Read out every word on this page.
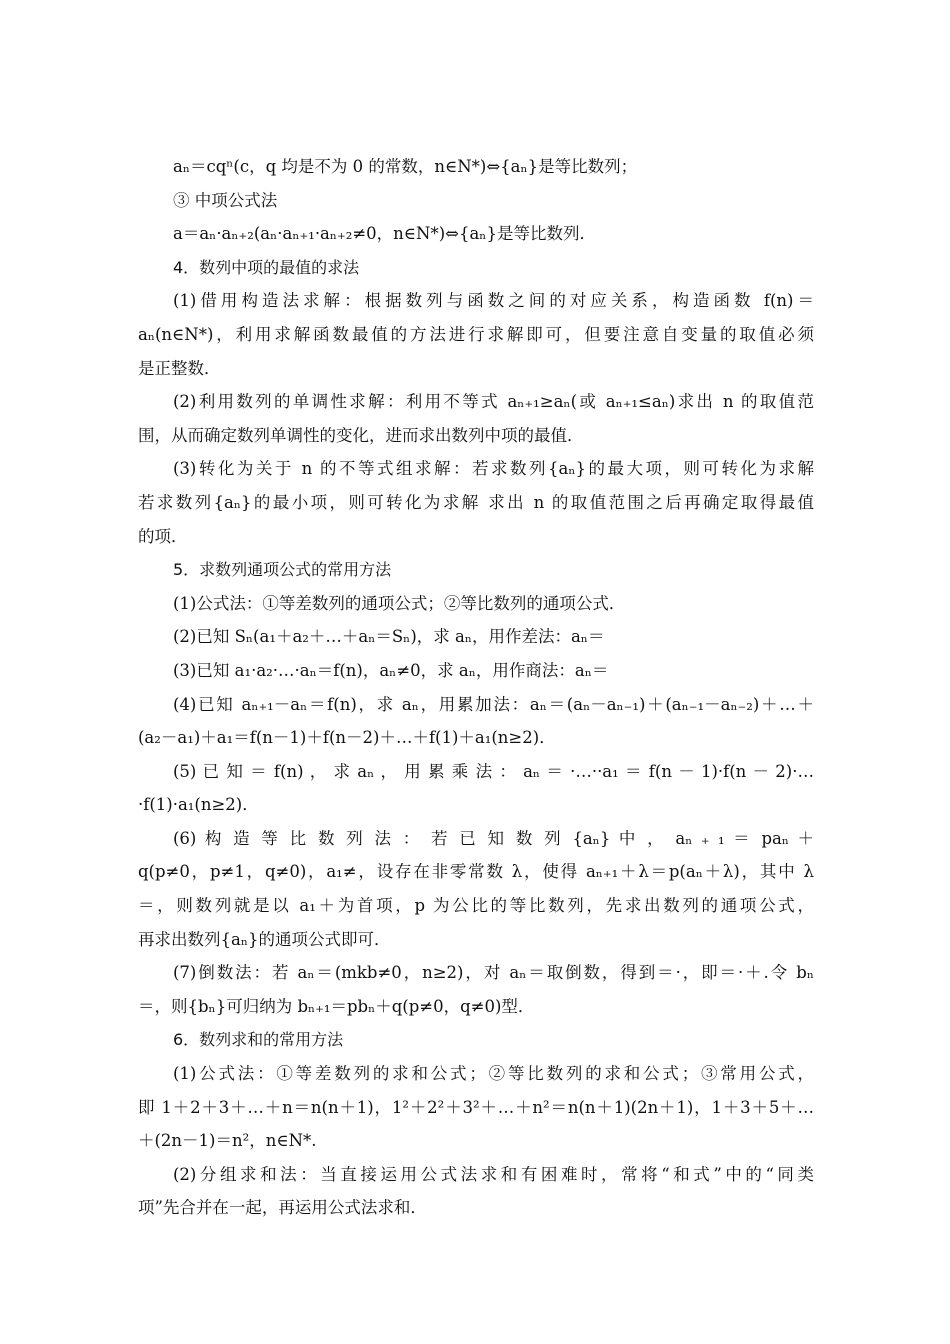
aₙ＝cqⁿ(c，q 均是不为 0 的常数，n∈N*)⇔{aₙ}是等比数列；
③ 中项公式法
a＝aₙ·aₙ₊₂(aₙ·aₙ₊₁·aₙ₊₂≠0，n∈N*)⇔{aₙ}是等比数列．
4．数列中项的最值的求法
(1)借用构造法求解：根据数列与函数之间的对应关系，构造函数 f(n)＝
aₙ(n∈N*)，利用求解函数最值的方法进行求解即可，但要注意自变量的取值必须
是正整数．
(2)利用数列的单调性求解：利用不等式 aₙ₊₁≥aₙ(或 aₙ₊₁≤aₙ)求出 n 的取值范
围，从而确定数列单调性的变化，进而求出数列中项的最值．
(3)转化为关于 n 的不等式组求解：若求数列{aₙ}的最大项，则可转化为求解
若求数列{aₙ}的最小项，则可转化为求解 求出 n 的取值范围之后再确定取得最值
的项．
5．求数列通项公式的常用方法
(1)公式法：①等差数列的通项公式；②等比数列的通项公式．
(2)已知 Sₙ(a₁＋a₂＋…＋aₙ＝Sₙ)，求 aₙ，用作差法：aₙ＝
(3)已知 a₁·a₂·…·aₙ＝f(n)，aₙ≠0，求 aₙ，用作商法：aₙ＝
(4)已知 aₙ₊₁－aₙ＝f(n)，求 aₙ，用累加法：aₙ＝(aₙ－aₙ₋₁)＋(aₙ₋₁－aₙ₋₂)＋…＋
(a₂－a₁)＋a₁＝f(n－1)＋f(n－2)＋…＋f(1)＋a₁(n≥2)．
(5) 已 知 ＝ f(n) ， 求 aₙ ， 用 累 乘 法 ： aₙ ＝ ·…··a₁ ＝ f(n － 1)·f(n － 2)·…
·f(1)·a₁(n≥2)．
(6) 构 造 等 比 数 列 法 ： 若 已 知 数 列 {aₙ} 中 ， aₙ ₊ ₁ ＝ paₙ ＋
q(p≠0，p≠1，q≠0)，a₁≠，设存在非零常数 λ，使得 aₙ₊₁＋λ＝p(aₙ＋λ)，其中 λ
＝，则数列就是以 a₁＋为首项，p 为公比的等比数列，先求出数列的通项公式，
再求出数列{aₙ}的通项公式即可．
(7)倒数法：若 aₙ＝(mkb≠0，n≥2)，对 aₙ＝取倒数，得到＝·，即＝·＋.令 bₙ
＝，则{bₙ}可归纳为 bₙ₊₁＝pbₙ＋q(p≠0，q≠0)型．
6．数列求和的常用方法
(1)公式法：①等差数列的求和公式；②等比数列的求和公式；③常用公式，
即 1＋2＋3＋…＋n＝n(n＋1)，1²＋2²＋3²＋…＋n²＝n(n＋1)(2n＋1)，1＋3＋5＋…
＋(2n－1)＝n²，n∈N*.
(2)分组求和法：当直接运用公式法求和有困难时，常将“和式”中的“同类
项”先合并在一起，再运用公式法求和．
